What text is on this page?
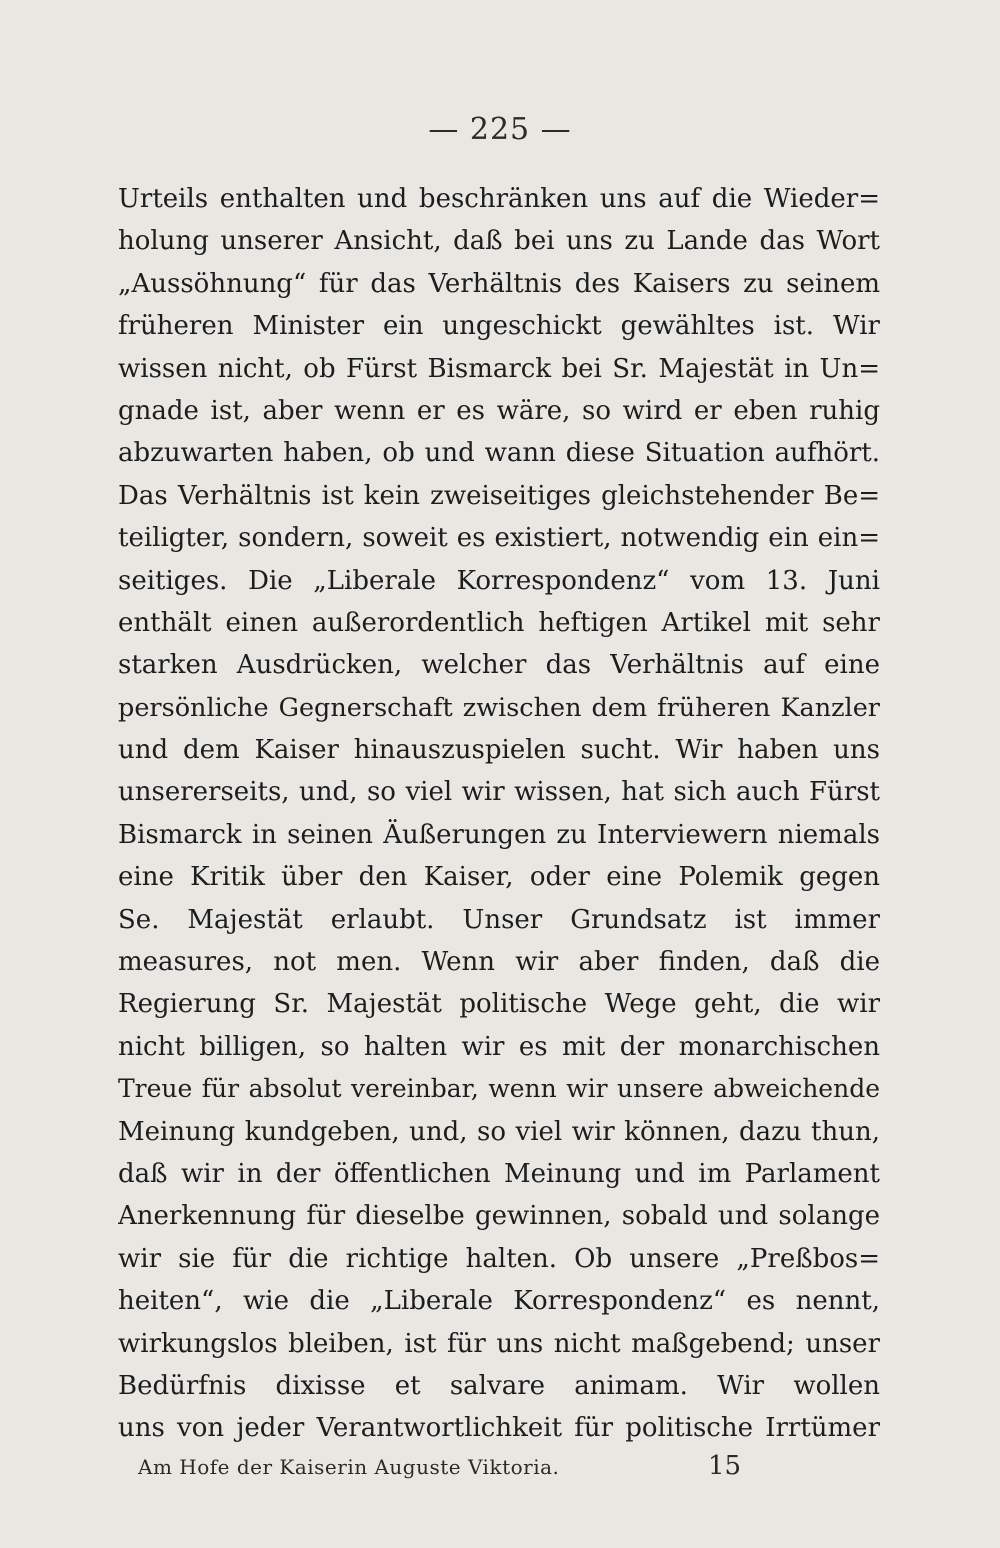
— 225 —
Urteils enthalten und beschränken uns auf die Wieder=
holung unserer Ansicht, daß bei uns zu Lande das Wort
„Aussöhnung“ für das Verhältnis des Kaisers zu seinem
früheren Minister ein ungeschickt gewähltes ist. Wir
wissen nicht, ob Fürst Bismarck bei Sr. Majestät in Un=
gnade ist, aber wenn er es wäre, so wird er eben ruhig
abzuwarten haben, ob und wann diese Situation aufhört.
Das Verhältnis ist kein zweiseitiges gleichstehender Be=
teiligter, sondern, soweit es existiert, notwendig ein ein=
seitiges. Die „Liberale Korrespondenz“ vom 13. Juni
enthält einen außerordentlich heftigen Artikel mit sehr
starken Ausdrücken, welcher das Verhältnis auf eine
persönliche Gegnerschaft zwischen dem früheren Kanzler
und dem Kaiser hinauszuspielen sucht. Wir haben uns
unsererseits, und, so viel wir wissen, hat sich auch Fürst
Bismarck in seinen Äußerungen zu Interviewern niemals
eine Kritik über den Kaiser, oder eine Polemik gegen
Se. Majestät erlaubt. Unser Grundsatz ist immer
measures, not men. Wenn wir aber finden, daß die
Regierung Sr. Majestät politische Wege geht, die wir
nicht billigen, so halten wir es mit der monarchischen
Treue für absolut vereinbar, wenn wir unsere abweichende
Meinung kundgeben, und, so viel wir können, dazu thun,
daß wir in der öffentlichen Meinung und im Parlament
Anerkennung für dieselbe gewinnen, sobald und solange
wir sie für die richtige halten. Ob unsere „Preßbos=
heiten“, wie die „Liberale Korrespondenz“ es nennt,
wirkungslos bleiben, ist für uns nicht maßgebend; unser
Bedürfnis dixisse et salvare animam. Wir wollen
uns von jeder Verantwortlichkeit für politische Irrtümer
Am Hofe der Kaiserin Auguste Viktoria.	15
